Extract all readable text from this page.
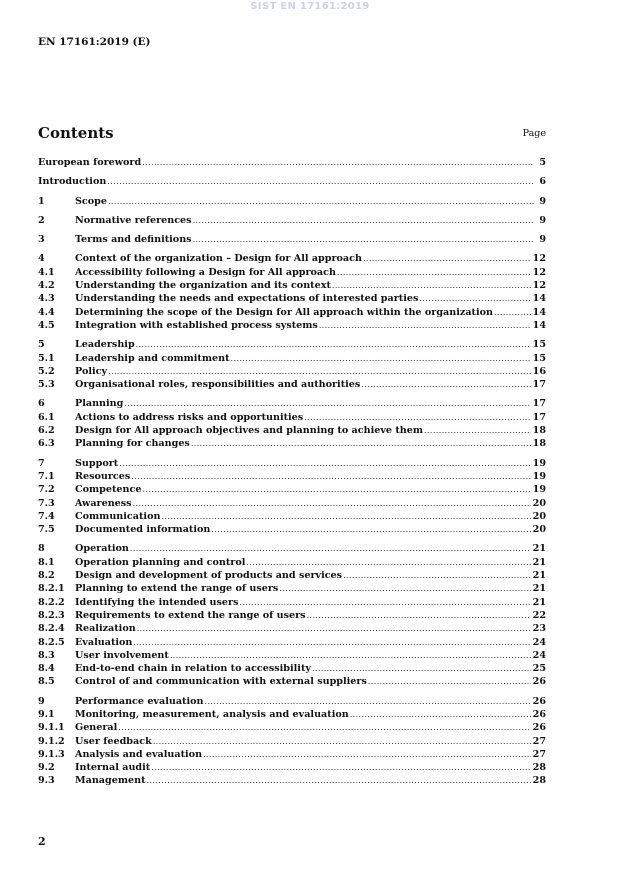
SIST EN 17161:2019
EN 17161:2019 (E)
Contents	Page
European foreword .....	5
Introduction .....	6
1	Scope .....	9
2	Normative references .....	9
3	Terms and definitions .....	9
4	Context of the organization – Design for All approach .....	12
4.1	Accessibility following a Design for All approach .....	12
4.2	Understanding the organization and its context .....	12
4.3	Understanding the needs and expectations of interested parties .....	14
4.4	Determining the scope of the Design for All approach within the organization .....	14
4.5	Integration with established process systems .....	14
5	Leadership .....	15
5.1	Leadership and commitment .....	15
5.2	Policy .....	16
5.3	Organisational roles, responsibilities and authorities .....	17
6	Planning .....	17
6.1	Actions to address risks and opportunities .....	17
6.2	Design for All approach objectives and planning to achieve them .....	18
6.3	Planning for changes .....	18
7	Support .....	19
7.1	Resources .....	19
7.2	Competence .....	19
7.3	Awareness .....	20
7.4	Communication .....	20
7.5	Documented information .....	20
8	Operation .....	21
8.1	Operation planning and control .....	21
8.2	Design and development of products and services .....	21
8.2.1	Planning to extend the range of users .....	21
8.2.2	Identifying the intended users .....	21
8.2.3	Requirements to extend the range of users .....	22
8.2.4	Realization .....	23
8.2.5	Evaluation .....	24
8.3	User involvement .....	24
8.4	End-to-end chain in relation to accessibility .....	25
8.5	Control of and communication with external suppliers .....	26
9	Performance evaluation .....	26
9.1	Monitoring, measurement, analysis and evaluation .....	26
9.1.1	General .....	26
9.1.2	User feedback .....	27
9.1.3	Analysis and evaluation .....	27
9.2	Internal audit .....	28
9.3	Management .....	28
2
